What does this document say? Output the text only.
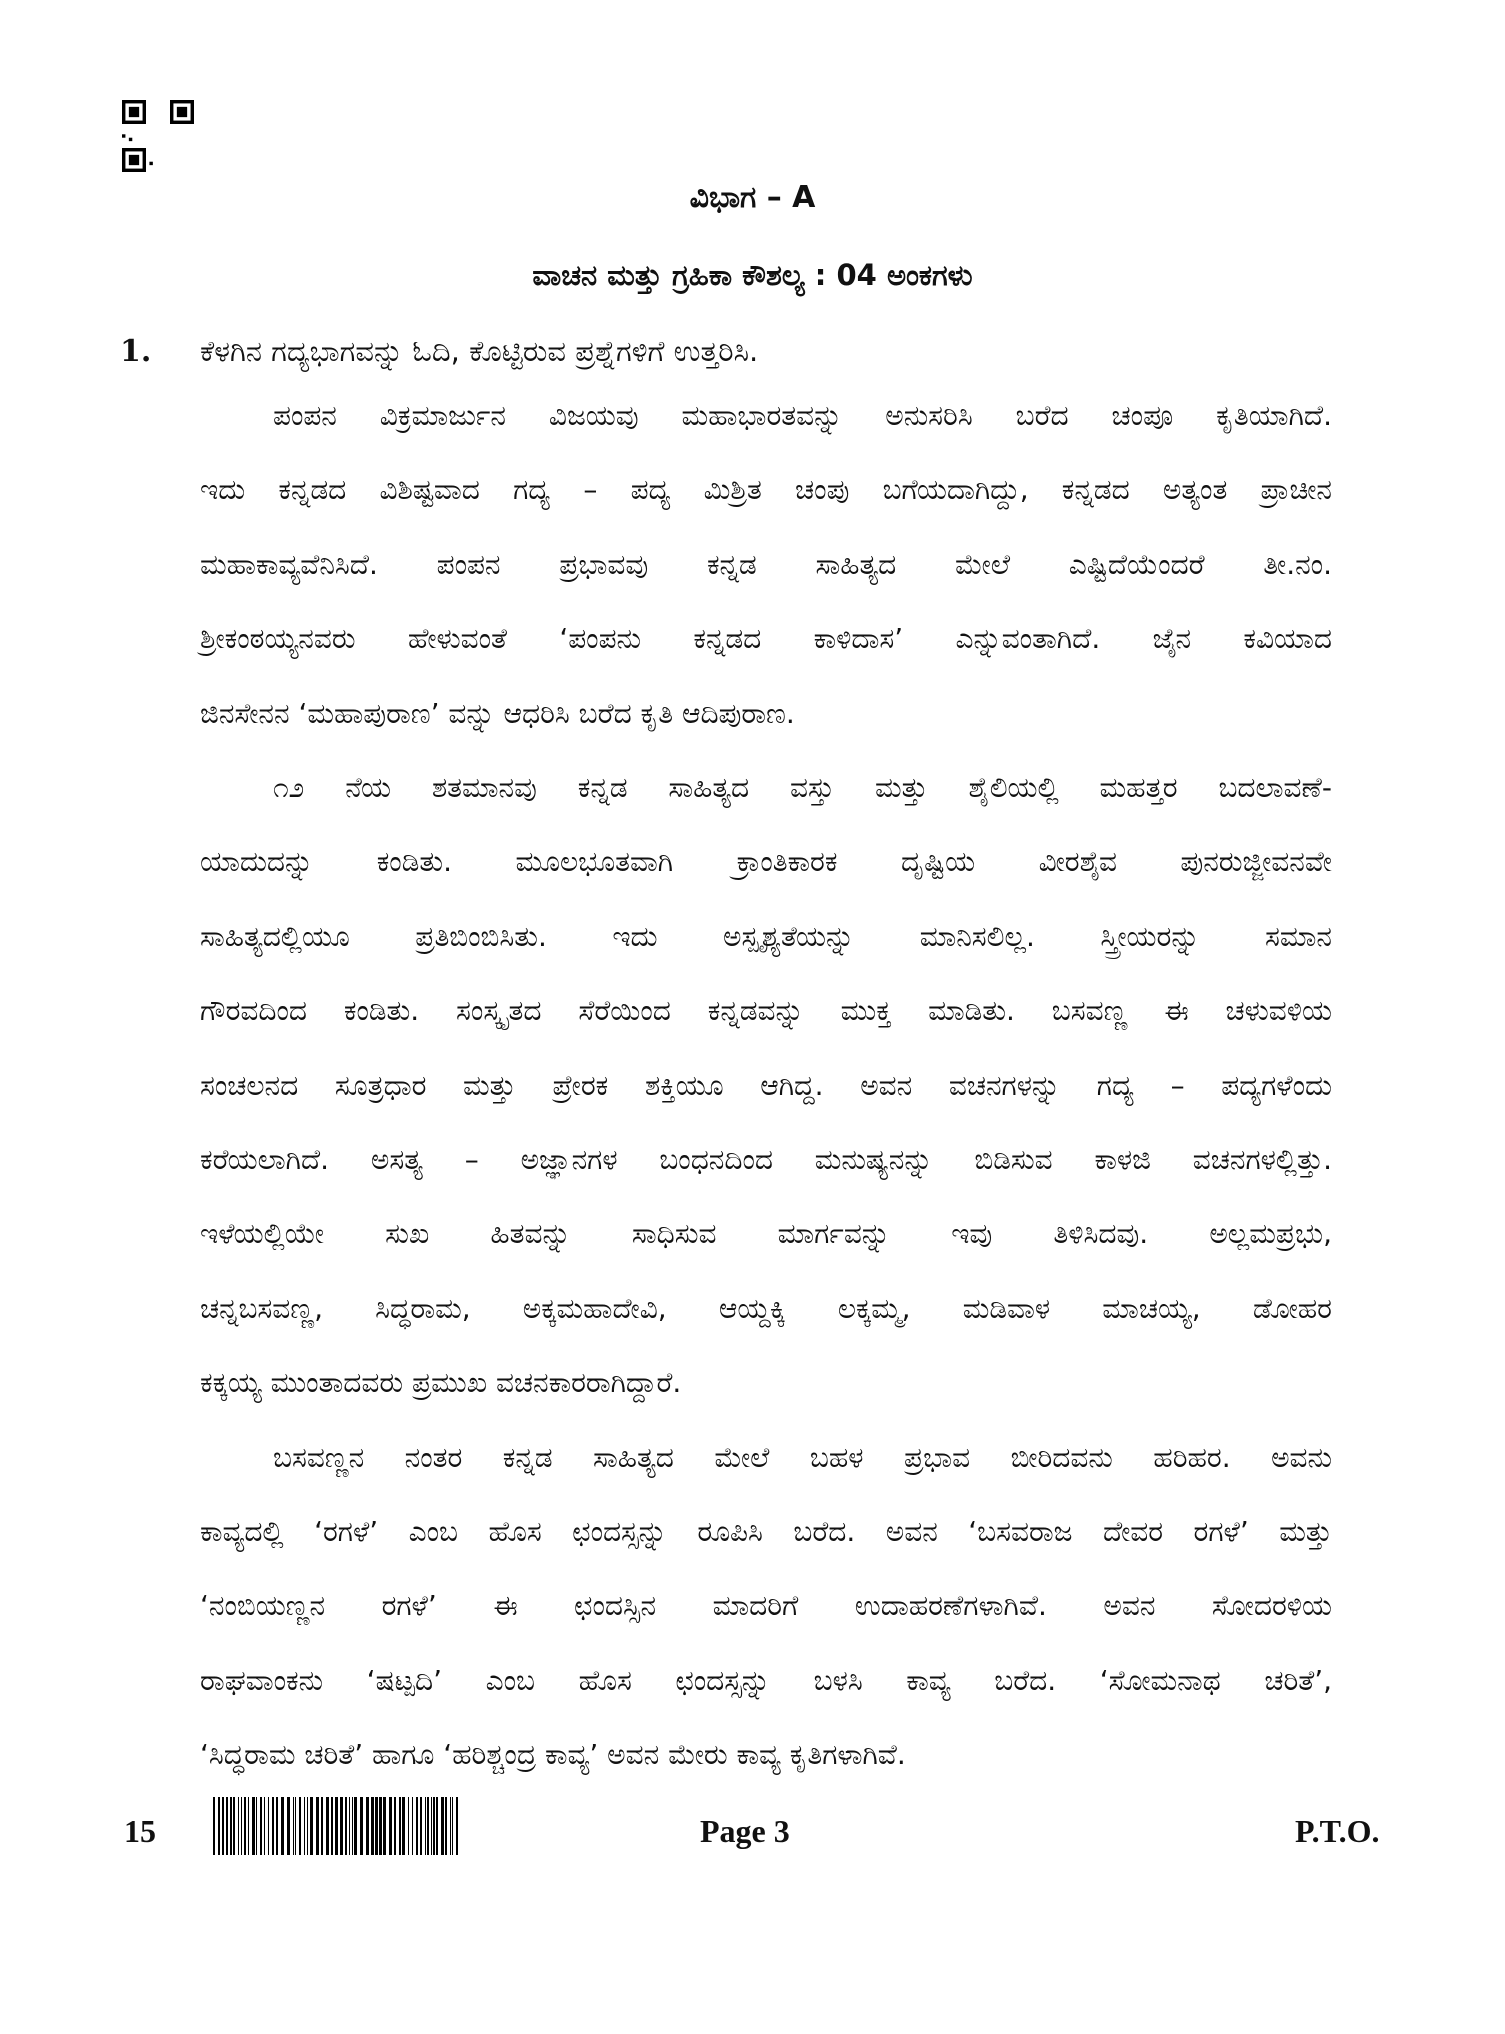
ವಿಭಾಗ – A
ವಾಚನ ಮತ್ತು ಗ್ರಹಿಕಾ ಕೌಶಲ್ಯ : 04 ಅಂಕಗಳು
1. ಕೆಳಗಿನ ಗದ್ಯಭಾಗವನ್ನು ಓದಿ, ಕೊಟ್ಟಿರುವ ಪ್ರಶ್ನೆಗಳಿಗೆ ಉತ್ತರಿಸಿ.
ಪಂಪನ ವಿಕ್ರಮಾರ್ಜುನ ವಿಜಯವು ಮಹಾಭಾರತವನ್ನು ಅನುಸರಿಸಿ ಬರೆದ ಚಂಪೂ ಕೃತಿಯಾಗಿದೆ.
ಇದು ಕನ್ನಡದ ವಿಶಿಷ್ಟವಾದ ಗದ್ಯ – ಪದ್ಯ ಮಿಶ್ರಿತ ಚಂಪು ಬಗೆಯದಾಗಿದ್ದು, ಕನ್ನಡದ ಅತ್ಯಂತ ಪ್ರಾಚೀನ
ಮಹಾಕಾವ್ಯವೆನಿಸಿದೆ. ಪಂಪನ ಪ್ರಭಾವವು ಕನ್ನಡ ಸಾಹಿತ್ಯದ ಮೇಲೆ ಎಷ್ಟಿದೆಯೆಂದರೆ ತೀ.ನಂ.
ಶ್ರೀಕಂಠಯ್ಯನವರು ಹೇಳುವಂತೆ ‘ಪಂಪನು ಕನ್ನಡದ ಕಾಳಿದಾಸ’ ಎನ್ನುವಂತಾಗಿದೆ. ಜೈನ ಕವಿಯಾದ
ಜಿನಸೇನನ ‘ಮಹಾಪುರಾಣ’ ವನ್ನು ಆಧರಿಸಿ ಬರೆದ ಕೃತಿ ಆದಿಪುರಾಣ.
೧೨ ನೆಯ ಶತಮಾನವು ಕನ್ನಡ ಸಾಹಿತ್ಯದ ವಸ್ತು ಮತ್ತು ಶೈಲಿಯಲ್ಲಿ ಮಹತ್ತರ ಬದಲಾವಣೆ-
ಯಾದುದನ್ನು ಕಂಡಿತು. ಮೂಲಭೂತವಾಗಿ ಕ್ರಾಂತಿಕಾರಕ ದೃಷ್ಟಿಯ ವೀರಶೈವ ಪುನರುಜ್ಜೀವನವೇ
ಸಾಹಿತ್ಯದಲ್ಲಿಯೂ ಪ್ರತಿಬಿಂಬಿಸಿತು. ಇದು ಅಸ್ಪೃಶ್ಯತೆಯನ್ನು ಮಾನಿಸಲಿಲ್ಲ. ಸ್ತ್ರೀಯರನ್ನು ಸಮಾನ
ಗೌರವದಿಂದ ಕಂಡಿತು. ಸಂಸ್ಕೃತದ ಸೆರೆಯಿಂದ ಕನ್ನಡವನ್ನು ಮುಕ್ತ ಮಾಡಿತು. ಬಸವಣ್ಣ ಈ ಚಳುವಳಿಯ
ಸಂಚಲನದ ಸೂತ್ರಧಾರ ಮತ್ತು ಪ್ರೇರಕ ಶಕ್ತಿಯೂ ಆಗಿದ್ದ. ಅವನ ವಚನಗಳನ್ನು ಗದ್ಯ – ಪದ್ಯಗಳೆಂದು
ಕರೆಯಲಾಗಿದೆ. ಅಸತ್ಯ – ಅಜ್ಞಾನಗಳ ಬಂಧನದಿಂದ ಮನುಷ್ಯನನ್ನು ಬಿಡಿಸುವ ಕಾಳಜಿ ವಚನಗಳಲ್ಲಿತ್ತು.
ಇಳೆಯಲ್ಲಿಯೇ ಸುಖ ಹಿತವನ್ನು ಸಾಧಿಸುವ ಮಾರ್ಗವನ್ನು ಇವು ತಿಳಿಸಿದವು. ಅಲ್ಲಮಪ್ರಭು,
ಚನ್ನಬಸವಣ್ಣ, ಸಿದ್ಧರಾಮ, ಅಕ್ಕಮಹಾದೇವಿ, ಆಯ್ದಕ್ಕಿ ಲಕ್ಕಮ್ಮ, ಮಡಿವಾಳ ಮಾಚಯ್ಯ, ಡೋಹರ
ಕಕ್ಕಯ್ಯ ಮುಂತಾದವರು ಪ್ರಮುಖ ವಚನಕಾರರಾಗಿದ್ದಾರೆ.
ಬಸವಣ್ಣನ ನಂತರ ಕನ್ನಡ ಸಾಹಿತ್ಯದ ಮೇಲೆ ಬಹಳ ಪ್ರಭಾವ ಬೀರಿದವನು ಹರಿಹರ. ಅವನು
ಕಾವ್ಯದಲ್ಲಿ ‘ರಗಳೆ’ ಎಂಬ ಹೊಸ ಛಂದಸ್ಸನ್ನು ರೂಪಿಸಿ ಬರೆದ. ಅವನ ‘ಬಸವರಾಜ ದೇವರ ರಗಳೆ’ ಮತ್ತು
‘ನಂಬಿಯಣ್ಣನ ರಗಳೆ’ ಈ ಛಂದಸ್ಸಿನ ಮಾದರಿಗೆ ಉದಾಹರಣೆಗಳಾಗಿವೆ. ಅವನ ಸೋದರಳಿಯ
ರಾಘವಾಂಕನು ‘ಷಟ್ಪದಿ’ ಎಂಬ ಹೊಸ ಛಂದಸ್ಸನ್ನು ಬಳಸಿ ಕಾವ್ಯ ಬರೆದ. ‘ಸೋಮನಾಥ ಚರಿತೆ’,
‘ಸಿದ್ಧರಾಮ ಚರಿತೆ’ ಹಾಗೂ ‘ಹರಿಶ್ಚಂದ್ರ ಕಾವ್ಯ’ ಅವನ ಮೇರು ಕಾವ್ಯ ಕೃತಿಗಳಾಗಿವೆ.
15	Page 3	P.T.O.
